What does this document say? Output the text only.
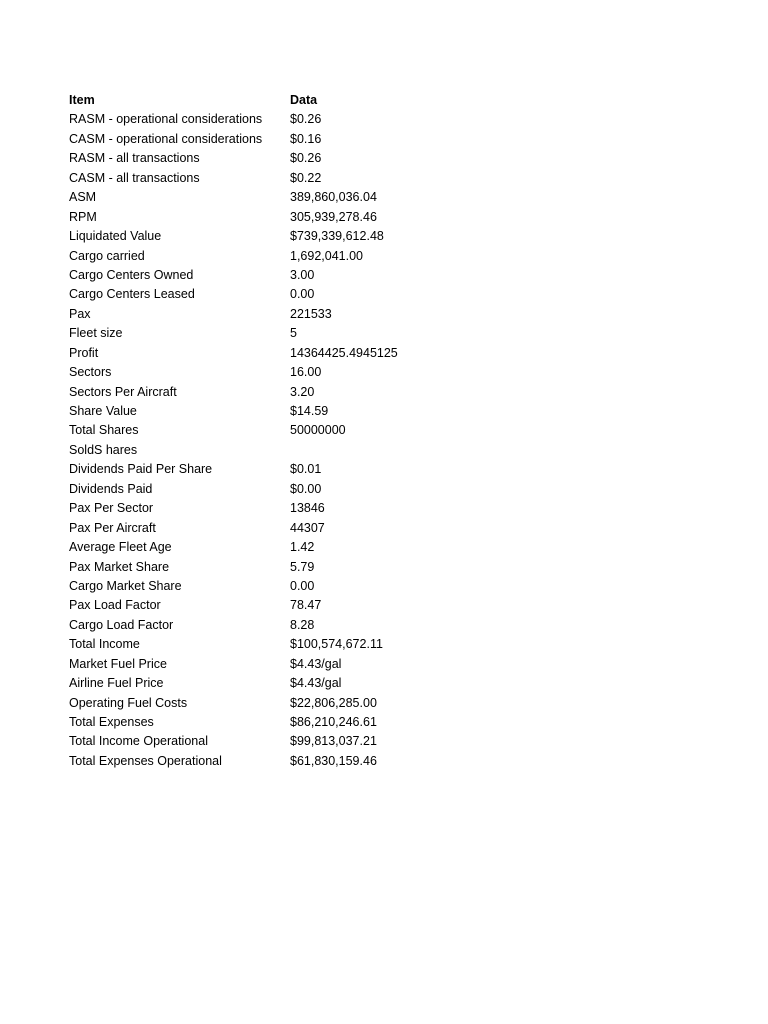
Item	Data
RASM - operational considerations	$0.26
CASM - operational considerations	$0.16
RASM - all transactions	$0.26
CASM - all transactions	$0.22
ASM	389,860,036.04
RPM	305,939,278.46
Liquidated Value	$739,339,612.48
Cargo carried	1,692,041.00
Cargo Centers Owned	3.00
Cargo Centers Leased	0.00
Pax	221533
Fleet size	5
Profit	14364425.4945125
Sectors	16.00
Sectors Per Aircraft	3.20
Share Value	$14.59
Total Shares	50000000
SoldS hares
Dividends Paid Per Share	$0.01
Dividends Paid	$0.00
Pax Per Sector	13846
Pax Per Aircraft	44307
Average Fleet Age	1.42
Pax Market Share	5.79
Cargo Market Share	0.00
Pax Load Factor	78.47
Cargo Load Factor	8.28
Total Income	$100,574,672.11
Market Fuel Price	$4.43/gal
Airline Fuel Price	$4.43/gal
Operating Fuel Costs	$22,806,285.00
Total Expenses	$86,210,246.61
Total Income Operational	$99,813,037.21
Total Expenses Operational	$61,830,159.46
